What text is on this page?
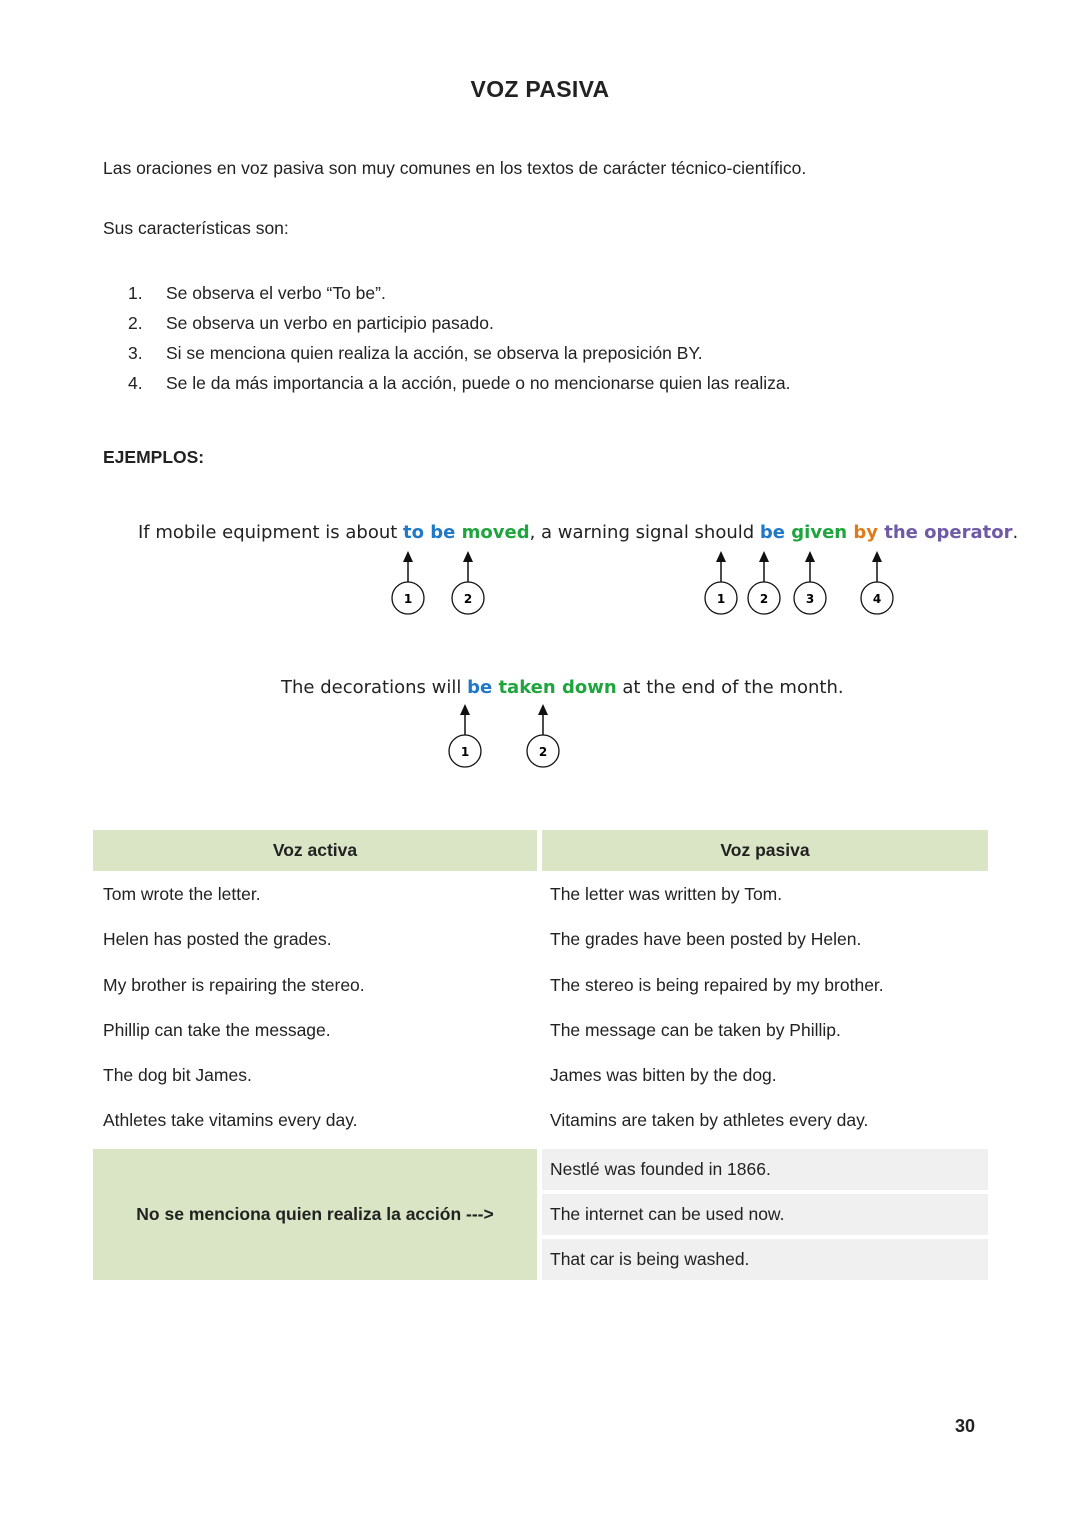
VOZ PASIVA
Las oraciones en voz pasiva son muy comunes en los textos de carácter técnico-científico.
Sus características son:
1.	Se observa el verbo “To be”.
2.	Se observa un verbo en participio pasado.
3.	Si se menciona quien realiza la acción, se observa la preposición BY.
4.	Se le da más importancia a la acción, puede o no mencionarse quien las realiza.
EJEMPLOS:
If mobile equipment is about to be moved, a warning signal should be given by the operator.
The decorations will be taken down at the end of the month.
1	2	1	2	3	4
1	2
Voz activa	Voz pasiva
Tom wrote the letter.	The letter was written by Tom.
Helen has posted the grades.	The grades have been posted by Helen.
My brother is repairing the stereo.	The stereo is being repaired by my brother.
Phillip can take the message.	The message can be taken by Phillip.
The dog bit James.	James was bitten by the dog.
Athletes take vitamins every day.	Vitamins are taken by athletes every day.
No se menciona quien realiza la acción --->
Nestlé was founded in 1866.
The internet can be used now.
That car is being washed.
30
